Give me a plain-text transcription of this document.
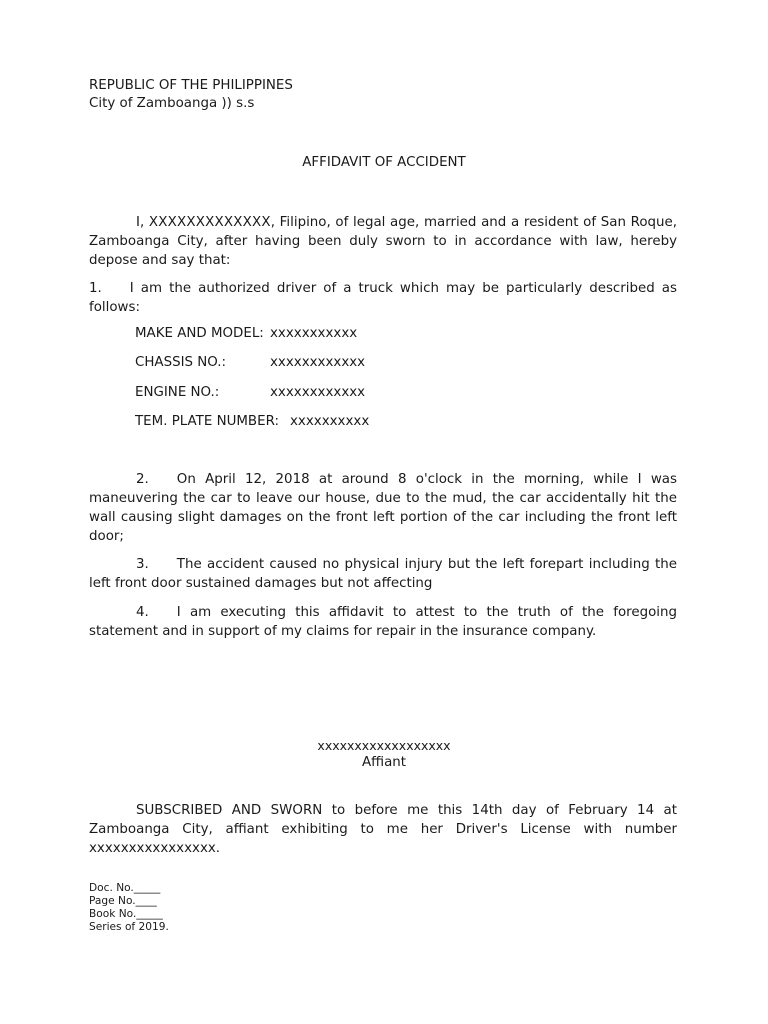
REPUBLIC OF THE PHILIPPINES
City of Zamboanga )) s.s
AFFIDAVIT OF ACCIDENT
I, XXXXXXXXXXXXX, Filipino, of legal age, married and a resident of San Roque, Zamboanga City, after having been duly sworn to in accordance with law, hereby depose and say that:
1. I am the authorized driver of a truck which may be particularly described as follows:
MAKE AND MODEL: xxxxxxxxxxx
CHASSIS NO.:	xxxxxxxxxxxx
ENGINE NO.:	xxxxxxxxxxxx
TEM. PLATE NUMBER: xxxxxxxxxx
2. On April 12, 2018 at around 8 o'clock in the morning, while I was maneuvering the car to leave our house, due to the mud, the car accidentally hit the wall causing slight damages on the front left portion of the car including the front left door;
3. The accident caused no physical injury but the left forepart including the left front door sustained damages but not affecting
4. I am executing this affidavit to attest to the truth of the foregoing statement and in support of my claims for repair in the insurance company.
xxxxxxxxxxxxxxxxxx
Affiant
SUBSCRIBED AND SWORN to before me this 14th day of February 14 at Zamboanga City, affiant exhibiting to me her Driver's License with number xxxxxxxxxxxxxxxx.
Doc. No._____
Page No.____
Book No._____
Series of 2019.
